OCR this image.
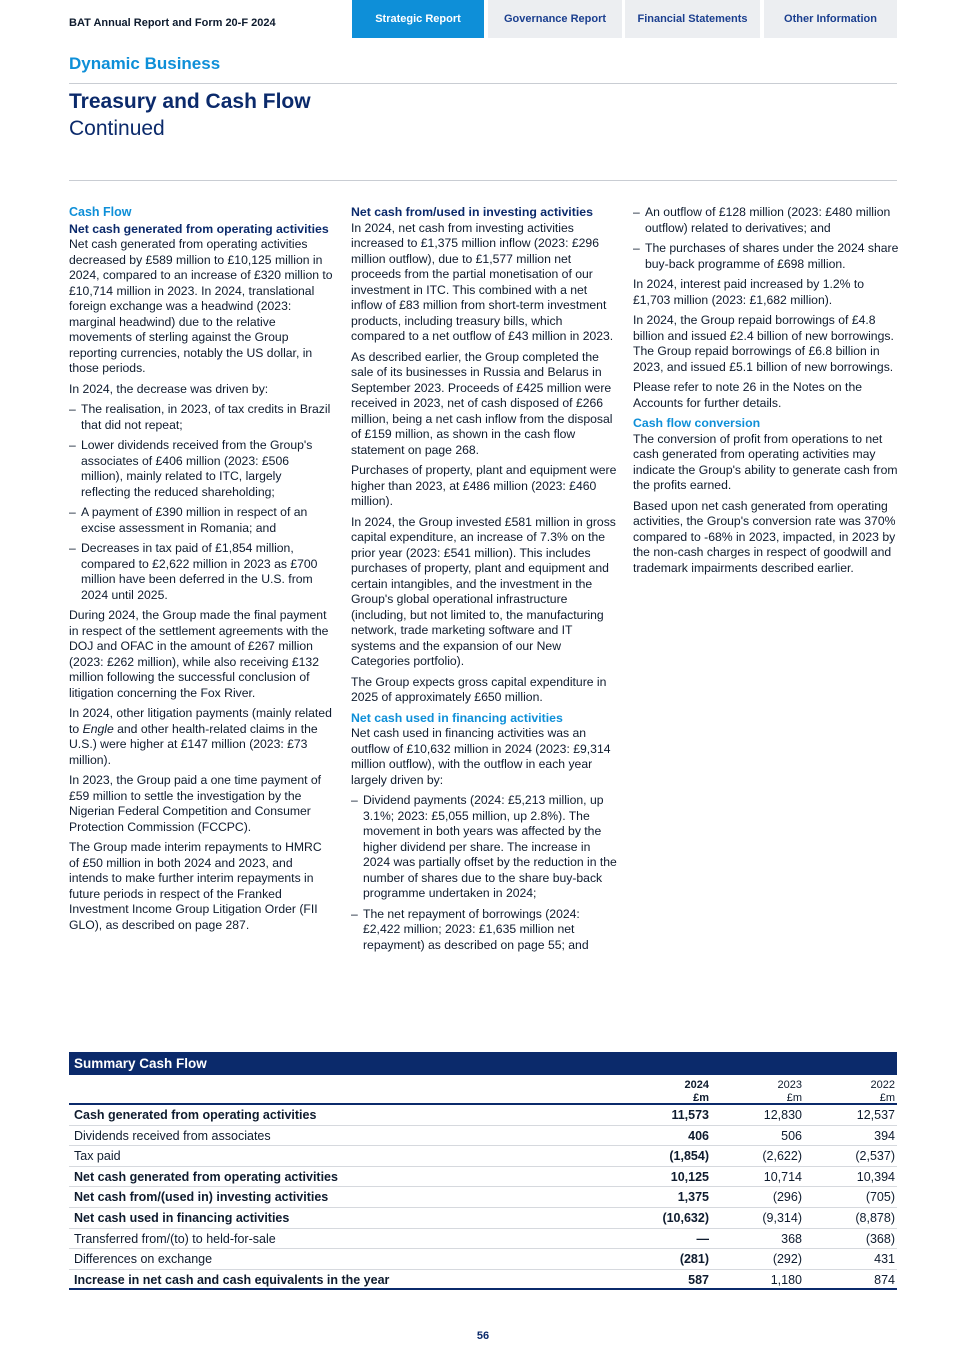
BAT Annual Report and Form 20-F 2024	Strategic Report	Governance Report	Financial Statements	Other Information
Dynamic Business
Treasury and Cash Flow
Continued
Cash Flow
Net cash generated from operating activities

Net cash generated from operating activities decreased by £589 million to £10,125 million in 2024, compared to an increase of £320 million to £10,714 million in 2023. In 2024, translational foreign exchange was a headwind (2023: marginal headwind) due to the relative movements of sterling against the Group reporting currencies, notably the US dollar, in those periods.

In 2024, the decrease was driven by:

– The realisation, in 2023, of tax credits in Brazil that did not repeat;
– Lower dividends received from the Group's associates of £406 million (2023: £506 million), mainly related to ITC, largely reflecting the reduced shareholding;
– A payment of £390 million in respect of an excise assessment in Romania; and
– Decreases in tax paid of £1,854 million, compared to £2,622 million in 2023 as £700 million have been deferred in the U.S. from 2024 until 2025.

During 2024, the Group made the final payment in respect of the settlement agreements with the DOJ and OFAC in the amount of £267 million (2023: £262 million), while also receiving £132 million following the successful conclusion of litigation concerning the Fox River.

In 2024, other litigation payments (mainly related to Engle and other health-related claims in the U.S.) were higher at £147 million (2023: £73 million).

In 2023, the Group paid a one time payment of £59 million to settle the investigation by the Nigerian Federal Competition and Consumer Protection Commission (FCCPC).

The Group made interim repayments to HMRC of £50 million in both 2024 and 2023, and intends to make further interim repayments in future periods in respect of the Franked Investment Income Group Litigation Order (FII GLO), as described on page 287.

Net cash from/used in investing activities

In 2024, net cash from investing activities increased to £1,375 million inflow (2023: £296 million outflow), due to £1,577 million net proceeds from the partial monetisation of our investment in ITC. This combined with a net inflow of £83 million from short-term investment products, including treasury bills, which compared to a net outflow of £43 million in 2023.

As described earlier, the Group completed the sale of its businesses in Russia and Belarus in September 2023. Proceeds of £425 million were received in 2023, net of cash disposed of £266 million, being a net cash inflow from the disposal of £159 million, as shown in the cash flow statement on page 268.

Purchases of property, plant and equipment were higher than 2023, at £486 million (2023: £460 million).

In 2024, the Group invested £581 million in gross capital expenditure, an increase of 7.3% on the prior year (2023: £541 million). This includes purchases of property, plant and equipment and certain intangibles, and the investment in the Group's global operational infrastructure (including, but not limited to, the manufacturing network, trade marketing software and IT systems and the expansion of our New Categories portfolio).

The Group expects gross capital expenditure in 2025 of approximately £650 million.

Net cash used in financing activities

Net cash used in financing activities was an outflow of £10,632 million in 2024 (2023: £9,314 million outflow), with the outflow in each year largely driven by:

– Dividend payments (2024: £5,213 million, up 3.1%; 2023: £5,055 million, up 2.8%). The movement in both years was affected by the higher dividend per share. The increase in 2024 was partially offset by the reduction in the number of shares due to the share buy-back programme undertaken in 2024;
– The net repayment of borrowings (2024: £2,422 million; 2023: £1,635 million net repayment) as described on page 55; and
– An outflow of £128 million (2023: £480 million outflow) related to derivatives; and
– The purchases of shares under the 2024 share buy-back programme of £698 million.

In 2024, interest paid increased by 1.2% to £1,703 million (2023: £1,682 million).

In 2024, the Group repaid borrowings of £4.8 billion and issued £2.4 billion of new borrowings. The Group repaid borrowings of £6.8 billion in 2023, and issued £5.1 billion of new borrowings.

Please refer to note 26 in the Notes on the Accounts for further details.

Cash flow conversion

The conversion of profit from operations to net cash generated from operating activities may indicate the Group's ability to generate cash from the profits earned.

Based upon net cash generated from operating activities, the Group's conversion rate was 370% compared to -68% in 2023, impacted, in 2023 by the non-cash charges in respect of goodwill and trademark impairments described earlier.

Summary Cash Flow
2024
£m
2023
£m
2022
£m
Cash generated from operating activities	11,573	12,830	12,537
Dividends received from associates	406	506	394
Tax paid	(1,854)	(2,622)	(2,537)
Net cash generated from operating activities	10,125	10,714	10,394
Net cash from/(used in) investing activities	1,375	(296)	(705)
Net cash used in financing activities	(10,632)	(9,314)	(8,878)
Transferred from/(to) to held-for-sale	—	368	(368)
Differences on exchange	(281)	(292)	431
Increase in net cash and cash equivalents in the year	587	1,180	874
56
